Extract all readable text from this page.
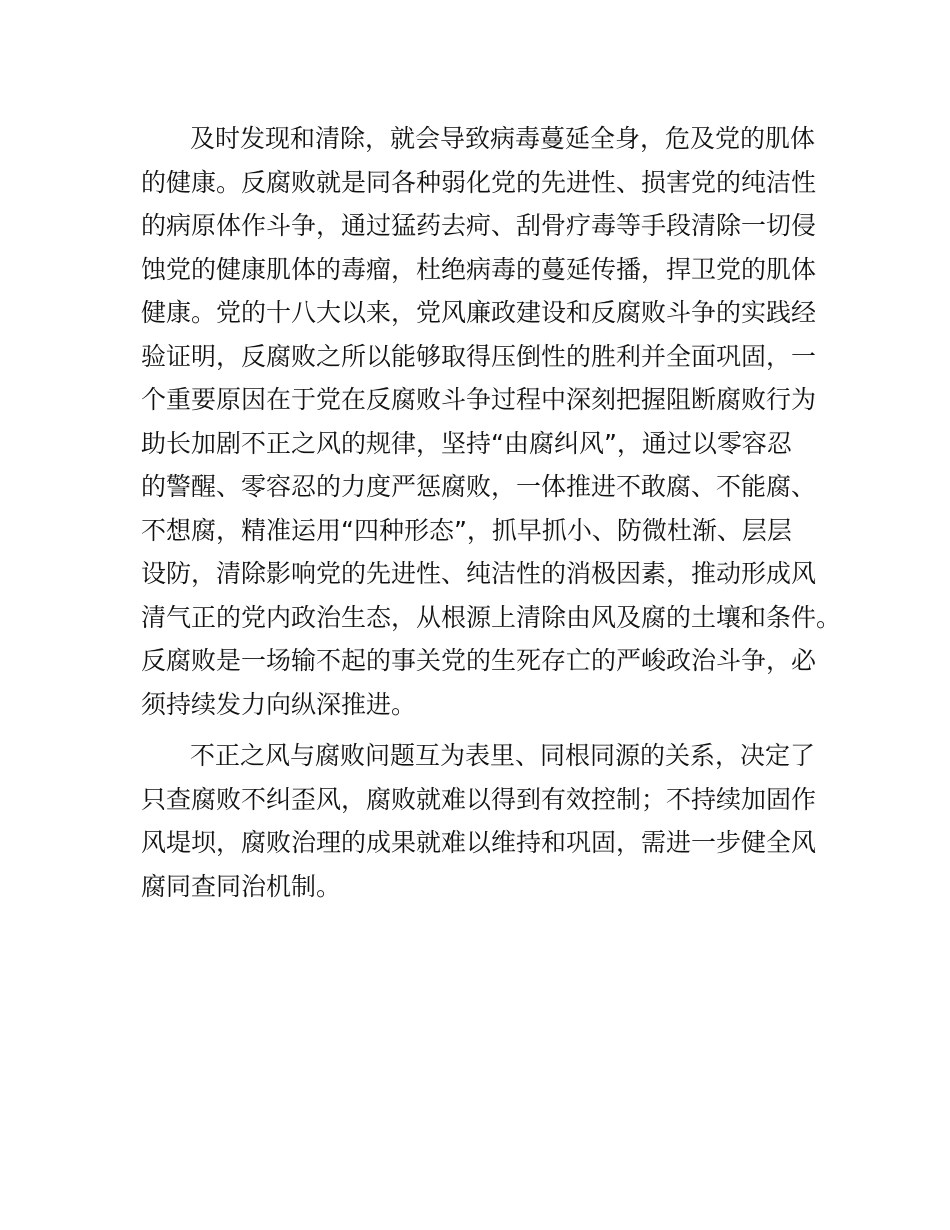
及时发现和清除，就会导致病毒蔓延全身，危及党的肌体
的健康。反腐败就是同各种弱化党的先进性、损害党的纯洁性
的病原体作斗争，通过猛药去疴、刮骨疗毒等手段清除一切侵
蚀党的健康肌体的毒瘤，杜绝病毒的蔓延传播，捍卫党的肌体
健康。党的十八大以来，党风廉政建设和反腐败斗争的实践经
验证明，反腐败之所以能够取得压倒性的胜利并全面巩固，一
个重要原因在于党在反腐败斗争过程中深刻把握阻断腐败行为
助长加剧不正之风的规律，坚持“由腐纠风”，通过以零容忍
的警醒、零容忍的力度严惩腐败，一体推进不敢腐、不能腐、
不想腐，精准运用“四种形态”，抓早抓小、防微杜渐、层层
设防，清除影响党的先进性、纯洁性的消极因素，推动形成风
清气正的党内政治生态，从根源上清除由风及腐的土壤和条件。
反腐败是一场输不起的事关党的生死存亡的严峻政治斗争，必
须持续发力向纵深推进。
不正之风与腐败问题互为表里、同根同源的关系，决定了
只查腐败不纠歪风，腐败就难以得到有效控制；不持续加固作
风堤坝，腐败治理的成果就难以维持和巩固，需进一步健全风
腐同查同治机制。
